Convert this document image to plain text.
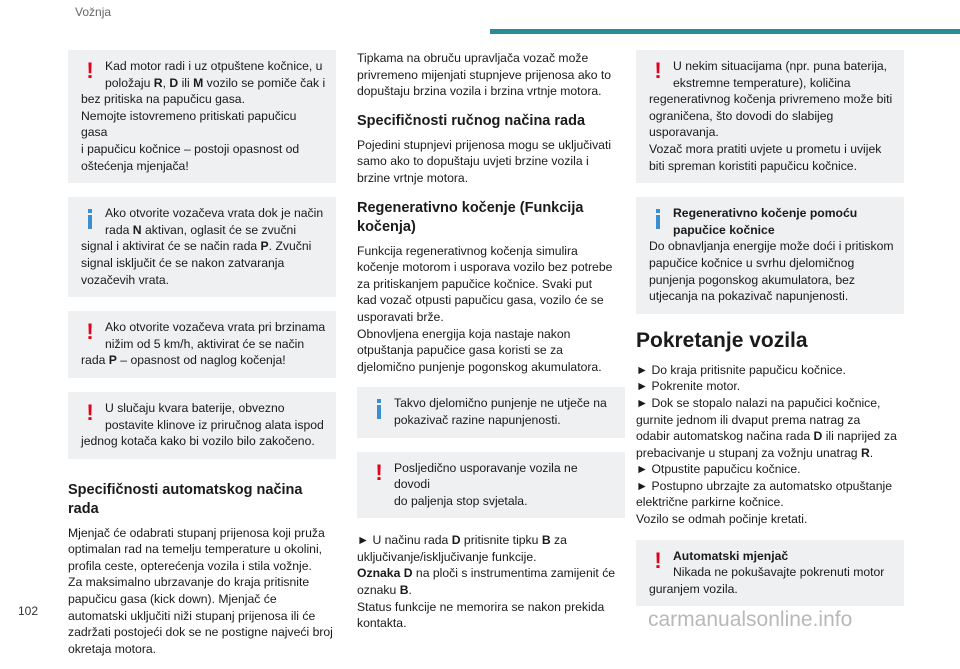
Vožnja
! Kad motor radi i uz otpuštene kočnice, u

položaju R, D ili M vozilo se pomiče čak i

bez pritiska na papučicu gasa.

Nemojte istovremeno pritiskati papučicu gasa

i papučicu kočnice – postoji opasnost od

oštećenja mjenjača!

Ako otvorite vozačeva vrata dok je način

rada N aktivan, oglasit će se zvučni

signal i aktivirat će se način rada P. Zvučni

signal isključit će se nakon zatvaranja

vozačevih vrata.

! Ako otvorite vozačeva vrata pri brzinama

nižim od 5 km/h, aktivirat će se način

rada P – opasnost od naglog kočenja!

! U slučaju kvara baterije, obvezno

postavite klinove iz priručnog alata ispod

jednog kotača kako bi vozilo bilo zakočeno.

Specifičnosti automatskog načina rada

Mjenjač će odabrati stupanj prijenosa koji pruža

optimalan rad na temelju temperature u okolini,

profila ceste, opterećenja vozila i stila vožnje.

Za maksimalno ubrzavanje do kraja pritisnite

papučicu gasa (kick down). Mjenjač će

automatski uključiti niži stupanj prijenosa ili će

zadržati postojeći dok se ne postigne najveći broj

okretaja motora.

Tipkama na obruču upravljača vozač može

privremeno mijenjati stupnjeve prijenosa ako to

dopuštaju brzina vozila i brzina vrtnje motora.

Specifičnosti ručnog načina rada

Pojedini stupnjevi prijenosa mogu se uključivati

samo ako to dopuštaju uvjeti brzine vozila i

brzine vrtnje motora.

Regenerativno kočenje (Funkcija kočenja)

Funkcija regenerativnog kočenja simulira

kočenje motorom i usporava vozilo bez potrebe

za pritiskanjem papučice kočnice. Svaki put

kad vozač otpusti papučicu gasa, vozilo će se

usporavati brže.

Obnovljena energija koja nastaje nakon

otpuštanja papučice gasa koristi se za

djelomično punjenje pogonskog akumulatora.

Takvo djelomično punjenje ne utječe na

pokazivač razine napunjenosti.

! Posljedično usporavanje vozila ne dovodi

do paljenja stop svjetala.

► U načinu rada D pritisnite tipku B za

uključivanje/isključivanje funkcije.

Oznaka D na ploči s instrumentima zamijenit će

oznaku B.

Status funkcije ne memorira se nakon prekida

kontakta.

! U nekim situacijama (npr. puna baterija,

ekstremne temperature), količina

regenerativnog kočenja privremeno može biti

ograničena, što dovodi do slabijeg

usporavanja.

Vozač mora pratiti uvjete u prometu i uvijek

biti spreman koristiti papučicu kočnice.

Regenerativno kočenje pomoću

papučice kočnice

Do obnavljanja energije može doći i pritiskom

papučice kočnice u svrhu djelomičnog

punjenja pogonskog akumulatora, bez

utjecanja na pokazivač napunjenosti.

Pokretanje vozila

► Do kraja pritisnite papučicu kočnice.

► Pokrenite motor.

► Dok se stopalo nalazi na papučici kočnice,

gurnite jednom ili dvaput prema natrag za

odabir automatskog načina rada D ili naprijed za

prebacivanje u stupanj za vožnju unatrag R.

► Otpustite papučicu kočnice.

► Postupno ubrzajte za automatsko otpuštanje

električne parkirne kočnice.

Vozilo se odmah počinje kretati.

! Automatski mjenjač

Nikada ne pokušavajte pokrenuti motor

guranjem vozila.

102	carmanualsonline.info
